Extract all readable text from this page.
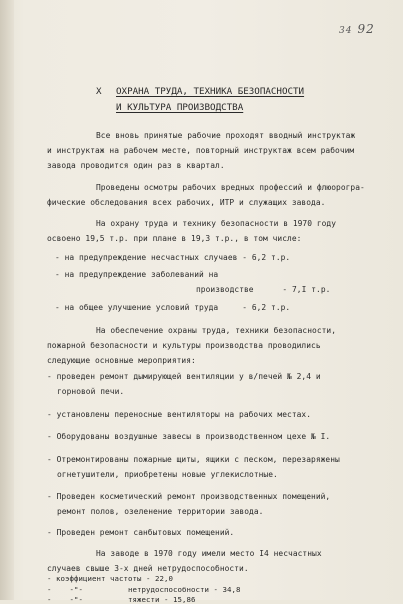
34 92
X ОХРАНА ТРУДА, ТЕХНИКА БЕЗОПАСНОСТИ
И КУЛЬТУРА ПРОИЗВОДСТВА
Все вновь принятые рабочие проходят вводный инструктаж
и инструктаж на рабочем месте, повторный инструктаж всем рабочим
завода проводится один раз в квартал.
Проведены осмотры рабочих вредных профессий и флюорогра-
фические обследования всех рабочих, ИТР и служащих завода.
На охрану труда и технику безопасности в 1970 году
освоено 19,5 т.р. при плане в 19,3 т.р., в том числе:
- на предупреждение несчастных случаев - 6,2 т.р.
- на предупреждение заболеваний на
производстве      - 7,I т.р.
- на общее улучшение условий труда     - 6,2 т.р.
На обеспечение охраны труда, техники безопасности,
пожарной безопасности и культуры производства проводились
следующие основные мероприятия:
- проведен ремонт дымирующей вентиляции у в/печей № 2,4 и
горновой печи.
- установлены переносные вентиляторы на рабочих местах.
- Оборудованы воздушные завесы в производственном цехе № I.
- Отремонтированы пожарные щиты, ящики с песком, перезаряжены
огнетушители, приобретены новые углекислотные.
- Проведен косметический ремонт производственных помещений,
ремонт полов, озеленение территории завода.
- Проведен ремонт санбытовых помещений.
На заводе в 1970 году имели место I4 несчастных
случаев свыше 3-х дней нетрудоспособности.
- коэффициент частоты - 22,0
-    -"-          нетрудоспособности - 34,8
-    -"-          тяжести - 15,86
